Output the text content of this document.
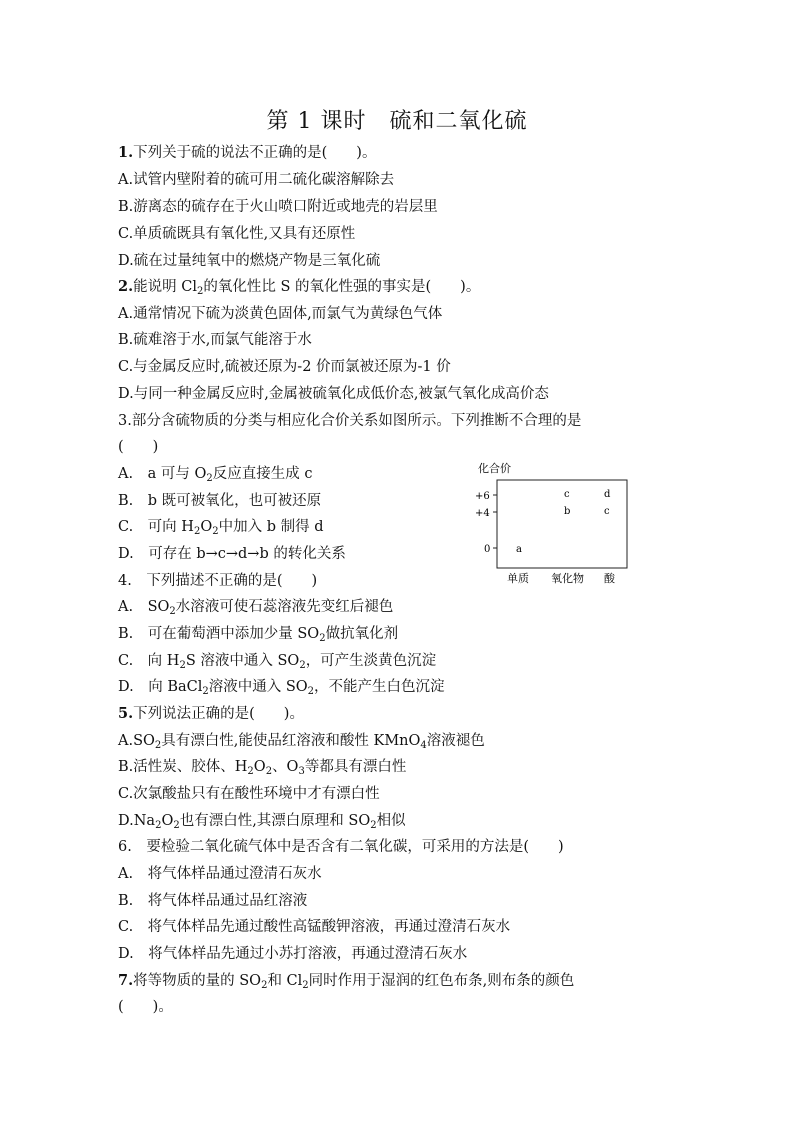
第 1 课时　硫和二氧化硫
1.下列关于硫的说法不正确的是(　　)。
A.试管内壁附着的硫可用二硫化碳溶解除去
B.游离态的硫存在于火山喷口附近或地壳的岩层里
C.单质硫既具有氧化性,又具有还原性
D.硫在过量纯氧中的燃烧产物是三氧化硫
2.能说明 $Cl_2$的氧化性比 S 的氧化性强的事实是(　　)。
A.通常情况下硫为淡黄色固体,而氯气为黄绿色气体
B.硫难溶于水,而氯气能溶于水
C.与金属反应时,硫被还原为-2 价而氯被还原为-1 价
D.与同一种金属反应时,金属被硫氧化成低价态,被氯气氧化成高价态
3.部分含硫物质的分类与相应化合价关系如图所示。下列推断不合理的是
(　　)
A.　a 可与 $O_2$反应直接生成 c
B.　b 既可被氧化，也可被还原
C.　可向 $H_2O_2$中加入 b 制得 d
D.　可存在 b→c→d→b 的转化关系
化合价
+6
+4
0
单质 氧化物 酸
a
b
c
c
d
4.　下列描述不正确的是(　　)
A.　$SO_2$水溶液可使石蕊溶液先变红后褪色
B.　可在葡萄酒中添加少量 $SO_2$做抗氧化剂
C.　向 $H_2S$ 溶液中通入 $SO_2$，可产生淡黄色沉淀
D.　向 BaCl$_2$溶液中通入 $SO_2$，不能产生白色沉淀
5.下列说法正确的是(　　)。
$A.SO_2$具有漂白性,能使品红溶液和酸性 KMnO$_4$溶液褪色
B.活性炭、胶体、$H_2O_2$、$O_3$等都具有漂白性
C.次氯酸盐只有在酸性环境中才有漂白性
$D.Na_2O_2$也有漂白性,其漂白原理和 $SO_2$相似
6.　要检验二氧化硫气体中是否含有二氧化碳，可采用的方法是(　　)
A.　将气体样品通过澄清石灰水
B.　将气体样品通过品红溶液
C.　将气体样品先通过酸性高锰酸钾溶液，再通过澄清石灰水
D.　将气体样品先通过小苏打溶液，再通过澄清石灰水
7.将等物质的量的 $SO_2$和 $Cl_2$同时作用于湿润的红色布条,则布条的颜色
(　　)。
